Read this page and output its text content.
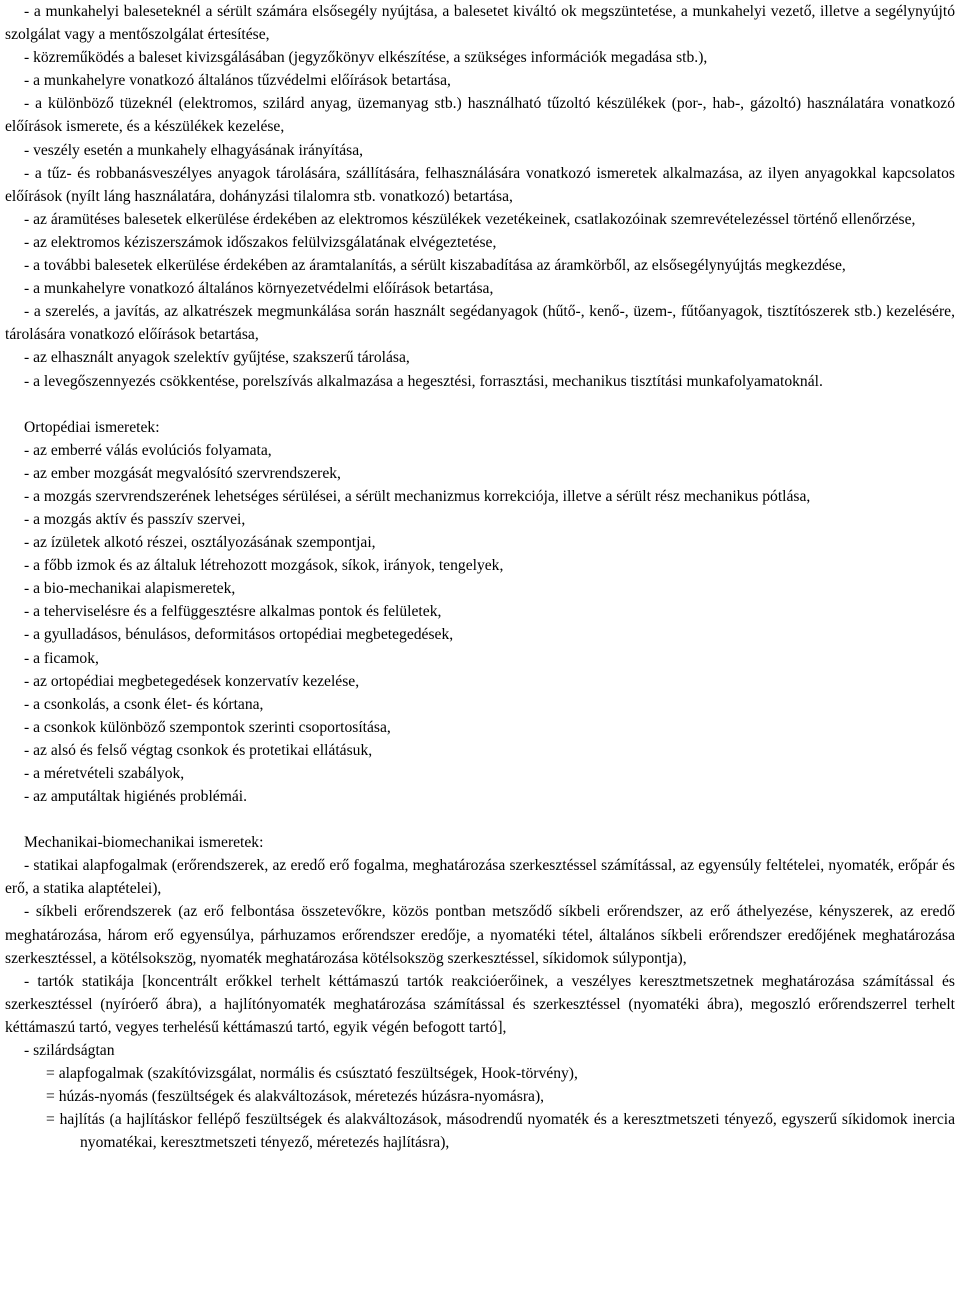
- a munkahelyi baleseteknél a sérült számára elsősegély nyújtása, a balesetet kiváltó ok megszüntetése, a munkahelyi vezető, illetve a segélynyújtó szolgálat vagy a mentőszolgálat értesítése,

- közreműködés a baleset kivizsgálásában (jegyzőkönyv elkészítése, a szükséges információk megadása stb.),

- a munkahelyre vonatkozó általános tűzvédelmi előírások betartása,

- a különböző tüzeknél (elektromos, szilárd anyag, üzemanyag stb.) használható tűzoltó készülékek (por-, hab-, gázoltó) használatára vonatkozó előírások ismerete, és a készülékek kezelése,

- veszély esetén a munkahely elhagyásának irányítása,

- a tűz- és robbanásveszélyes anyagok tárolására, szállítására, felhasználására vonatkozó ismeretek alkalmazása, az ilyen anyagokkal kapcsolatos előírások (nyílt láng használatára, dohányzási tilalomra stb. vonatkozó) betartása,

- az áramütéses balesetek elkerülése érdekében az elektromos készülékek vezetékeinek, csatlakozóinak szemrevételezéssel történő ellenőrzése,

- az elektromos kéziszerszámok időszakos felülvizsgálatának elvégeztetése,

- a további balesetek elkerülése érdekében az áramtalanítás, a sérült kiszabadítása az áramkörből, az elsősegélynyújtás megkezdése,

- a munkahelyre vonatkozó általános környezetvédelmi előírások betartása,

- a szerelés, a javítás, az alkatrészek megmunkálása során használt segédanyagok (hűtő-, kenő-, üzem-, fűtőanyagok, tisztítószerek stb.) kezelésére, tárolására vonatkozó előírások betartása,

- az elhasznált anyagok szelektív gyűjtése, szakszerű tárolása,

- a levegőszennyezés csökkentése, porelszívás alkalmazása a hegesztési, forrasztási, mechanikus tisztítási munkafolyamatoknál.

Ortopédiai ismeretek:

- az emberré válás evolúciós folyamata,

- az ember mozgását megvalósító szervrendszerek,

- a mozgás szervrendszerének lehetséges sérülései, a sérült mechanizmus korrekciója, illetve a sérült rész mechanikus pótlása,

- a mozgás aktív és passzív szervei,

- az ízületek alkotó részei, osztályozásának szempontjai,

- a főbb izmok és az általuk létrehozott mozgások, síkok, irányok, tengelyek,

- a bio-mechanikai alapismeretek,

- a teherviselésre és a felfüggesztésre alkalmas pontok és felületek,

- a gyulladásos, bénulásos, deformitásos ortopédiai megbetegedések,

- a ficamok,

- az ortopédiai megbetegedések konzervatív kezelése,

- a csonkolás, a csonk élet- és kórtana,

- a csonkok különböző szempontok szerinti csoportosítása,

- az alsó és felső végtag csonkok és protetikai ellátásuk,

- a méretvételi szabályok,

- az amputáltak higiénés problémái.

Mechanikai-biomechanikai ismeretek:

- statikai alapfogalmak (erőrendszerek, az eredő erő fogalma, meghatározása szerkesztéssel számítással, az egyensúly feltételei, nyomaték, erőpár és erő, a statika alaptételei),

- síkbeli erőrendszerek (az erő felbontása összetevőkre, közös pontban metsződő síkbeli erőrendszer, az erő áthelyezése, kényszerek, az eredő meghatározása, három erő egyensúlya, párhuzamos erőrendszer eredője, a nyomatéki tétel, általános síkbeli erőrendszer eredőjének meghatározása szerkesztéssel, a kötélsokszög, nyomaték meghatározása kötélsokszög szerkesztéssel, síkidomok súlypontja),

- tartók statikája [koncentrált erőkkel terhelt kéttámaszú tartók reakcióerőinek, a veszélyes keresztmetszetnek meghatározása számítással és szerkesztéssel (nyíróerő ábra), a hajlítónyomaték meghatározása számítással és szerkesztéssel (nyomatéki ábra), megoszló erőrendszerrel terhelt kéttámaszú tartó, vegyes terhelésű kéttámaszú tartó, egyik végén befogott tartó],

- szilárdságtan

= alapfogalmak (szakítóvizsgálat, normális és csúsztató feszültségek, Hook-törvény),

= húzás-nyomás (feszültségek és alakváltozások, méretezés húzásra-nyomásra),

= hajlítás (a hajlításkor fellépő feszültségek és alakváltozások, másodrendű nyomaték és a keresztmetszeti tényező, egyszerű síkidomok inercia nyomatékai, keresztmetszeti tényező, méretezés hajlításra),
